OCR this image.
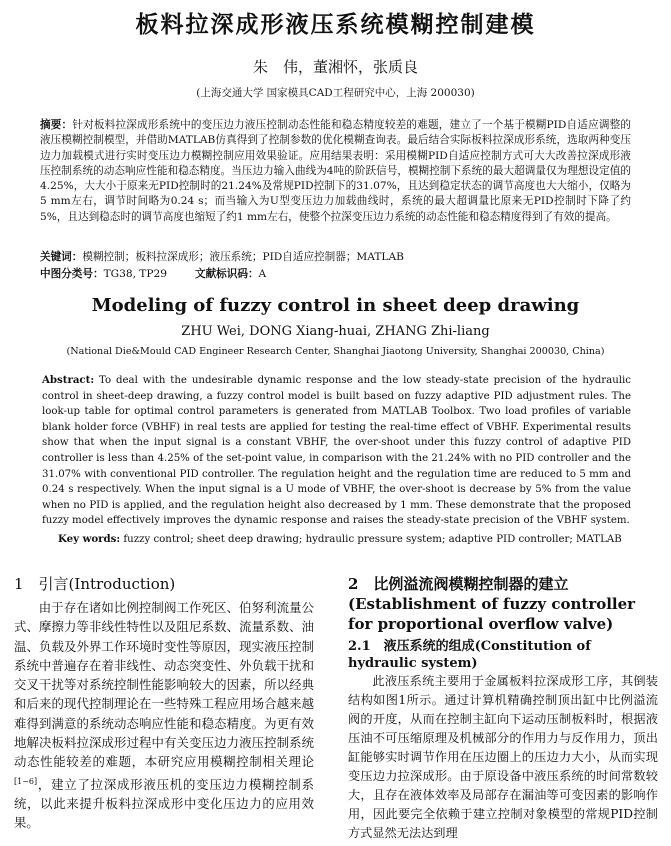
板料拉深成形液压系统模糊控制建模
朱　伟，董湘怀，张质良
(上海交通大学 国家模具CAD工程研究中心，上海 200030)
摘要：针对板料拉深成形系统中的变压边力液压控制动态性能和稳态精度较差的难题，建立了一个基于模糊PID自适应调整的液压模糊控制模型，并借助MATLAB仿真得到了控制参数的优化模糊查询表。最后结合实际板料拉深成形系统，选取两种变压边力加载模式进行实时变压边力模糊控制应用效果验证。应用结果表明：采用模糊PID自适应控制方式可大大改善拉深成形液压控制系统的动态响应性能和稳态精度。当压边力输入曲线为4吨的阶跃信号，模糊控制下系统的最大超调量仅为理想设定值的4.25%，大大小于原来无PID控制时的21.24%及常规PID控制下的31.07%，且达到稳定状态的调节高度也大大缩小，仅略为5 mm左右，调节时间略为0.24 s；而当输入为U型变压边力加载曲线时，系统的最大超调量比原来无PID控制时下降了约5%，且达到稳态时的调节高度也缩短了约1 mm左右，使整个拉深变压边力系统的动态性能和稳态精度得到了有效的提高。
关键词：模糊控制；板料拉深成形；液压系统；PID自适应控制器；MATLAB
中图分类号：TG38, TP29	文献标识码：A
Modeling of fuzzy control in sheet deep drawing
ZHU Wei, DONG Xiang-huai, ZHANG Zhi-liang
(National Die&Mould CAD Engineer Research Center, Shanghai Jiaotong University, Shanghai 200030, China)
Abstract: To deal with the undesirable dynamic response and the low steady-state precision of the hydraulic control in sheet-deep drawing, a fuzzy control model is built based on fuzzy adaptive PID adjustment rules. The look-up table for optimal control parameters is generated from MATLAB Toolbox. Two load profiles of variable blank holder force (VBHF) in real tests are applied for testing the real-time effect of VBHF. Experimental results show that when the input signal is a constant VBHF, the over-shoot under this fuzzy control of adaptive PID controller is less than 4.25% of the set-point value, in comparison with the 21.24% with no PID controller and the 31.07% with conventional PID controller. The regulation height and the regulation time are reduced to 5 mm and 0.24 s respectively. When the input signal is a U mode of VBHF, the over-shoot is decrease by 5% from the value when no PID is applied, and the regulation height also decreased by 1 mm. These demonstrate that the proposed fuzzy model effectively improves the dynamic response and raises the steady-state precision of the VBHF system.
Key words: fuzzy control; sheet deep drawing; hydraulic pressure system; adaptive PID controller; MATLAB
1　引言(Introduction)
由于存在诸如比例控制阀工作死区、伯努利流量公式、摩擦力等非线性特性以及阻尼系数、流量系数、油温、负载及外界工作环境时变性等原因，现实液压控制系统中普遍存在着非线性、动态突变性、外负载干扰和交叉干扰等对系统控制性能影响较大的因素，所以经典和后来的现代控制理论在一些特殊工程应用场合越来越难得到满意的系统动态响应性能和稳态精度。为更有效地解决板料拉深成形过程中有关变压边力液压控制系统动态性能较差的难题，本研究应用模糊控制相关理论[1~6]，建立了拉深成形液压机的变压边力模糊控制系统，以此来提升板料拉深成形中变化压边力的应用效果。
2　比例溢流阀模糊控制器的建立(Establishment of fuzzy controller for proportional overflow valve)
2.1　液压系统的组成(Constitution of hydraulic system)
此液压系统主要用于金属板料拉深成形工序，其倒装结构如图1所示。通过计算机精确控制顶出缸中比例溢流阀的开度，从而在控制主缸向下运动压制板料时，根据液压油不可压缩原理及机械部分的作用力与反作用力，顶出缸能够实时调节作用在压边圈上的压边力大小，从而实现变压边力拉深成形。由于原设备中液压系统的时间常数较大，且存在液体效率及局部存在漏油等可变因素的影响作用，因此要完全依赖于建立控制对象模型的常规PID控制方式显然无法达到理
